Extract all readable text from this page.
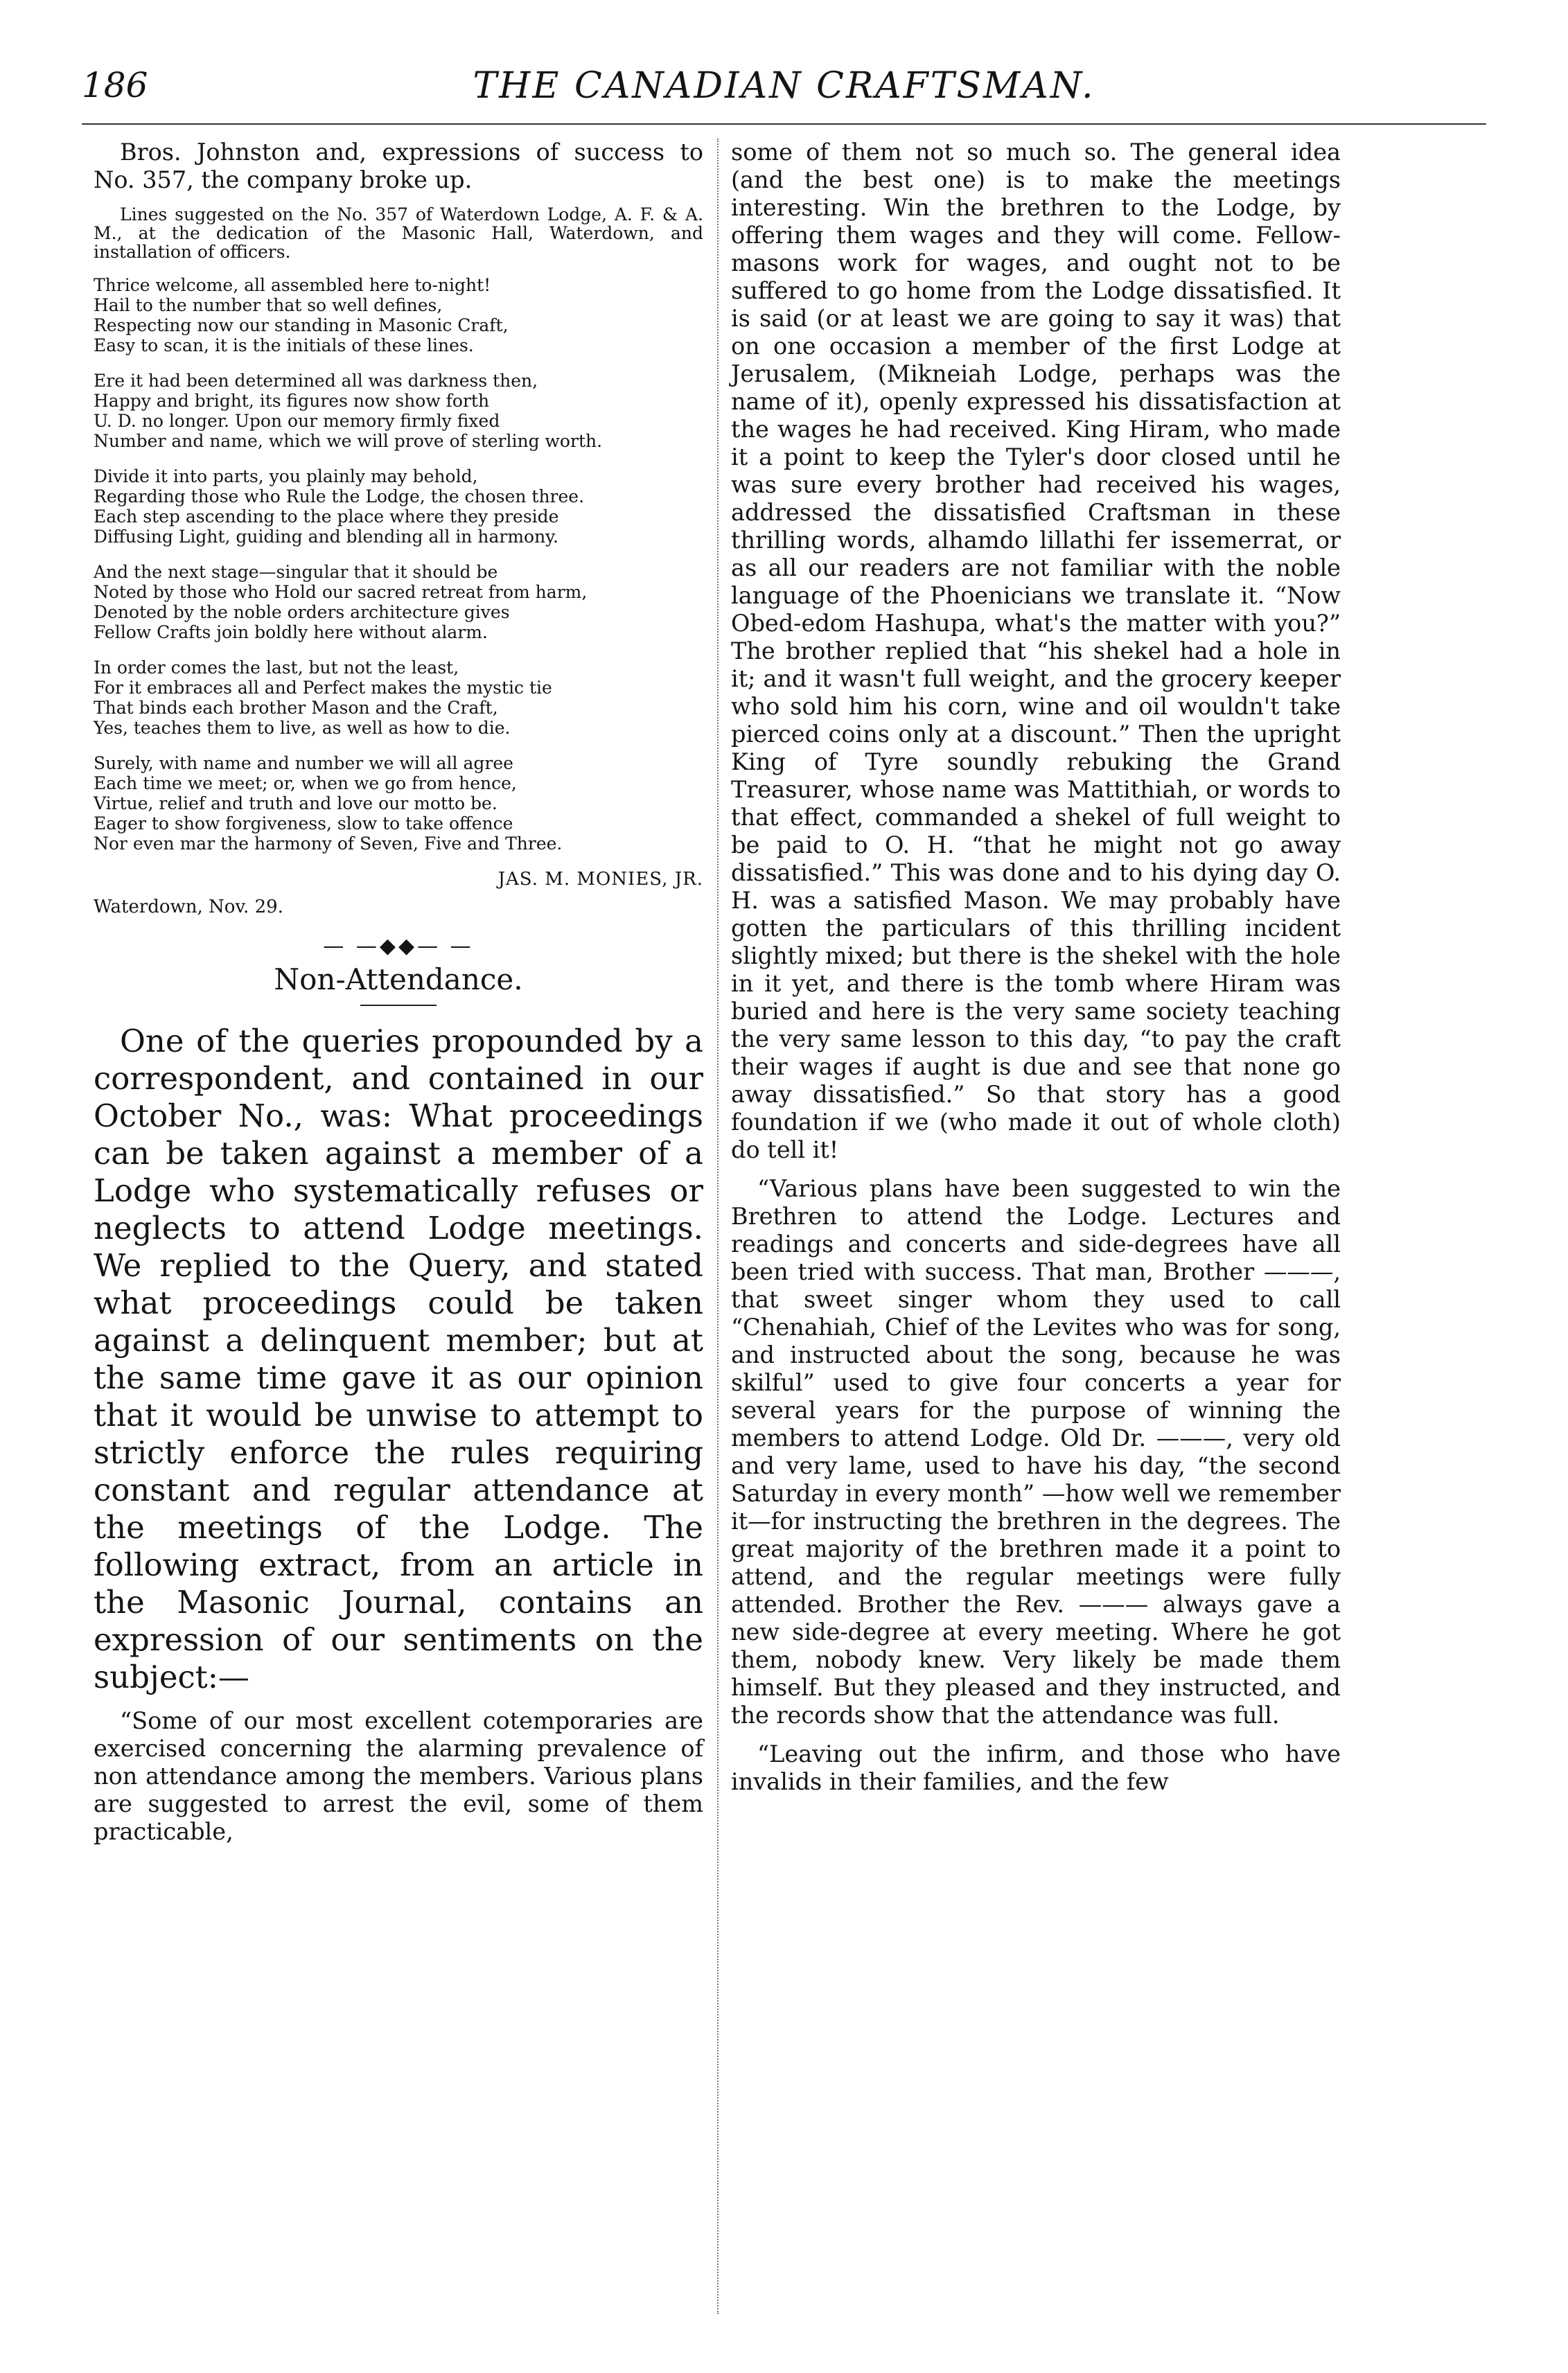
186	THE CANADIAN CRAFTSMAN.

Bros. Johnston and, expressions of success to No. 357, the company broke up.

Lines suggested on the No. 357 of Waterdown Lodge, A. F. & A. M., at the dedication of the Masonic Hall, Waterdown, and installation of officers.

Thrice welcome, all assembled here to-night!
Hail to the number that so well defines,
Respecting now our standing in Masonic Craft,
Easy to scan, it is the initials of these lines.
Ere it had been determined all was darkness then,
Happy and bright, its figures now show forth
U. D. no longer. Upon our memory firmly fixed
Number and name, which we will prove of sterling worth.
Divide it into parts, you plainly may behold,
Regarding those who Rule the Lodge, the chosen three.
Each step ascending to the place where they preside
Diffusing Light, guiding and blending all in harmony.
And the next stage—singular that it should be
Noted by those who Hold our sacred retreat from harm,
Denoted by the noble orders architecture gives
Fellow Crafts join boldly here without alarm.
In order comes the last, but not the least,
For it embraces all and Perfect makes the mystic tie
That binds each brother Mason and the Craft,
Yes, teaches them to live, as well as how to die.
Surely, with name and number we will all agree
Each time we meet; or, when we go from hence,
Virtue, relief and truth and love our motto be.
Eager to show forgiveness, slow to take offence
Nor even mar the harmony of Seven, Five and Three.
JAS. M. MONIES, JR.
Waterdown, Nov. 29.
— —◆◆— —
Non-Attendance.

One of the queries propounded by a correspondent, and contained in our October No., was: What proceedings can be taken against a member of a Lodge who systematically refuses or neglects to attend Lodge meetings. We replied to the Query, and stated what proceedings could be taken against a delinquent member; but at the same time gave it as our opinion that it would be unwise to attempt to strictly enforce the rules requiring constant and regular attendance at the meetings of the Lodge. The following extract, from an article in the Masonic Journal, contains an expression of our sentiments on the subject:—

“Some of our most excellent cotemporaries are exercised concerning the alarming prevalence of non attendance among the members. Various plans are suggested to arrest the evil, some of them practicable,

some of them not so much so. The general idea (and the best one) is to make the meetings interesting. Win the brethren to the Lodge, by offering them wages and they will come. Fellow-masons work for wages, and ought not to be suffered to go home from the Lodge dissatisfied. It is said (or at least we are going to say it was) that on one occasion a member of the first Lodge at Jerusalem, (Mikneiah Lodge, perhaps was the name of it), openly expressed his dissatisfaction at the wages he had received. King Hiram, who made it a point to keep the Tyler's door closed until he was sure every brother had received his wages, addressed the dissatisfied Craftsman in these thrilling words, alhamdo lillathi fer issemerrat, or as all our readers are not familiar with the noble language of the Phoenicians we translate it. “Now Obed-edom Hashupa, what's the matter with you?” The brother replied that “his shekel had a hole in it; and it wasn't full weight, and the grocery keeper who sold him his corn, wine and oil wouldn't take pierced coins only at a discount.” Then the upright King of Tyre soundly rebuking the Grand Treasurer, whose name was Mattithiah, or words to that effect, commanded a shekel of full weight to be paid to O. H. “that he might not go away dissatisfied.” This was done and to his dying day O. H. was a satisfied Mason. We may probably have gotten the particulars of this thrilling incident slightly mixed; but there is the shekel with the hole in it yet, and there is the tomb where Hiram was buried and here is the very same society teaching the very same lesson to this day, “to pay the craft their wages if aught is due and see that none go away dissatisfied.” So that story has a good foundation if we (who made it out of whole cloth) do tell it!

“Various plans have been suggested to win the Brethren to attend the Lodge. Lectures and readings and concerts and side-degrees have all been tried with success. That man, Brother ———, that sweet singer whom they used to call “Chenahiah, Chief of the Levites who was for song, and instructed about the song, because he was skilful” used to give four concerts a year for several years for the purpose of winning the members to attend Lodge. Old Dr. ———, very old and very lame, used to have his day, “the second Saturday in every month” —how well we remember it—for instructing the brethren in the degrees. The great majority of the brethren made it a point to attend, and the regular meetings were fully attended. Brother the Rev. ——— always gave a new side-degree at every meeting. Where he got them, nobody knew. Very likely be made them himself. But they pleased and they instructed, and the records show that the attendance was full.

“Leaving out the infirm, and those who have invalids in their families, and the few
